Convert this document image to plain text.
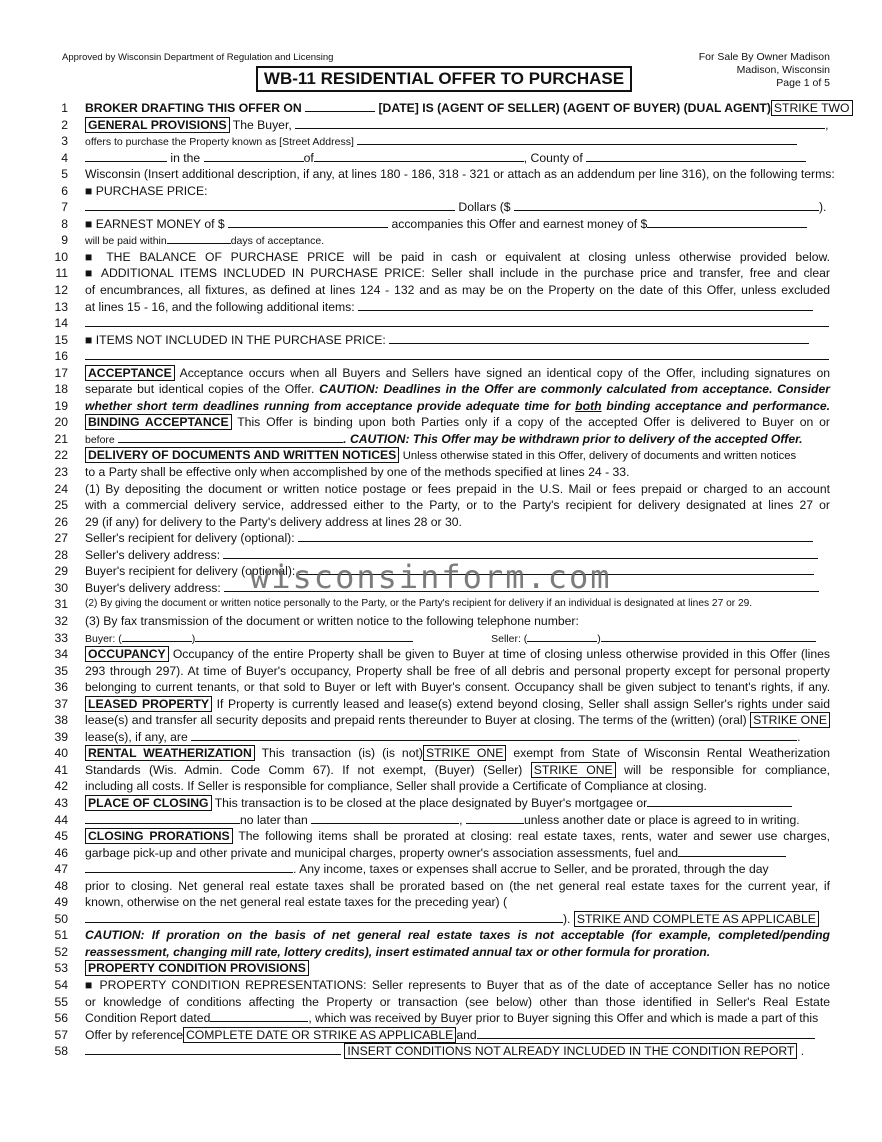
Approved by Wisconsin Department of Regulation and Licensing	For Sale By Owner Madison
Madison, Wisconsin
Page 1 of 5
WB-11 RESIDENTIAL OFFER TO PURCHASE
1 BROKER DRAFTING THIS OFFER ON	[DATE] IS (AGENT OF SELLER) (AGENT OF BUYER) (DUAL AGENT) STRIKE TWO
2 GENERAL PROVISIONS The Buyer,	,
3 offers to purchase the Property known as [Street Address]
4	in the	of	, County of
5 Wisconsin (Insert additional description, if any, at lines 180 - 186, 318 - 321 or attach as an addendum per line 316), on the following terms:
6 ■ PURCHASE PRICE:
7	Dollars ($	).
8 ■ EARNEST MONEY of $	accompanies this Offer and earnest money of $
9 will be paid within	days of acceptance.
10 ■ THE BALANCE OF PURCHASE PRICE will be paid in cash or equivalent at closing unless otherwise provided below.
11 ■ ADDITIONAL ITEMS INCLUDED IN PURCHASE PRICE: Seller shall include in the purchase price and transfer, free and clear
12 of encumbrances, all fixtures, as defined at lines 124 - 132 and as may be on the Property on the date of this Offer, unless excluded
13 at lines 15 - 16, and the following additional items:
14
15 ■ ITEMS NOT INCLUDED IN THE PURCHASE PRICE:
16
17 ACCEPTANCE Acceptance occurs when all Buyers and Sellers have signed an identical copy of the Offer, including signatures on
18 separate but identical copies of the Offer. CAUTION: Deadlines in the Offer are commonly calculated from acceptance. Consider
19 whether short term deadlines running from acceptance provide adequate time for both binding acceptance and performance.
20 BINDING ACCEPTANCE This Offer is binding upon both Parties only if a copy of the accepted Offer is delivered to Buyer on or
21 before	. CAUTION: This Offer may be withdrawn prior to delivery of the accepted Offer.
22 DELIVERY OF DOCUMENTS AND WRITTEN NOTICES Unless otherwise stated in this Offer, delivery of documents and written notices
23 to a Party shall be effective only when accomplished by one of the methods specified at lines 24 - 33.
24 (1) By depositing the document or written notice postage or fees prepaid in the U.S. Mail or fees prepaid or charged to an account
25 with a commercial delivery service, addressed either to the Party, or to the Party's recipient for delivery designated at lines 27 or
26 29 (if any) for delivery to the Party's delivery address at lines 28 or 30.
27 Seller's recipient for delivery (optional):
28 Seller's delivery address:
29 Buyer's recipient for delivery (optional):
30 Buyer's delivery address:
31 (2) By giving the document or written notice personally to the Party, or the Party's recipient for delivery if an individual is designated at lines 27 or 29.
32 (3) By fax transmission of the document or written notice to the following telephone number:
33 Buyer: (	)	Seller: (	)
34 OCCUPANCY Occupancy of the entire Property shall be given to Buyer at time of closing unless otherwise provided in this Offer (lines
35 293 through 297). At time of Buyer's occupancy, Property shall be free of all debris and personal property except for personal property
36 belonging to current tenants, or that sold to Buyer or left with Buyer's consent. Occupancy shall be given subject to tenant's rights, if any.
37 LEASED PROPERTY If Property is currently leased and lease(s) extend beyond closing, Seller shall assign Seller's rights under said
38 lease(s) and transfer all security deposits and prepaid rents thereunder to Buyer at closing. The terms of the (written) (oral) STRIKE ONE
39 lease(s), if any, are	.
40 RENTAL WEATHERIZATION This transaction (is) (is not) STRIKE ONE exempt from State of Wisconsin Rental Weatherization
41 Standards (Wis. Admin. Code Comm 67). If not exempt, (Buyer) (Seller) STRIKE ONE will be responsible for compliance,
42 including all costs. If Seller is responsible for compliance, Seller shall provide a Certificate of Compliance at closing.
43 PLACE OF CLOSING This transaction is to be closed at the place designated by Buyer's mortgagee or
44	no later than	,	unless another date or place is agreed to in writing.
45 CLOSING PRORATIONS The following items shall be prorated at closing: real estate taxes, rents, water and sewer use charges,
46 garbage pick-up and other private and municipal charges, property owner's association assessments, fuel and
47	. Any income, taxes or expenses shall accrue to Seller, and be prorated, through the day
48 prior to closing. Net general real estate taxes shall be prorated based on (the net general real estate taxes for the current year, if
49 known, otherwise on the net general real estate taxes for the preceding year) (
50	). STRIKE AND COMPLETE AS APPLICABLE
51 CAUTION: If proration on the basis of net general real estate taxes is not acceptable (for example, completed/pending
52 reassessment, changing mill rate, lottery credits), insert estimated annual tax or other formula for proration.
53 PROPERTY CONDITION PROVISIONS
54 ■ PROPERTY CONDITION REPRESENTATIONS: Seller represents to Buyer that as of the date of acceptance Seller has no notice
55 or knowledge of conditions affecting the Property or transaction (see below) other than those identified in Seller's Real Estate
56 Condition Report dated	, which was received by Buyer prior to Buyer signing this Offer and which is made a part of this
57 Offer by reference COMPLETE DATE OR STRIKE AS APPLICABLE and
58	INSERT CONDITIONS NOT ALREADY INCLUDED IN THE CONDITION REPORT .
wisconsinform.com
